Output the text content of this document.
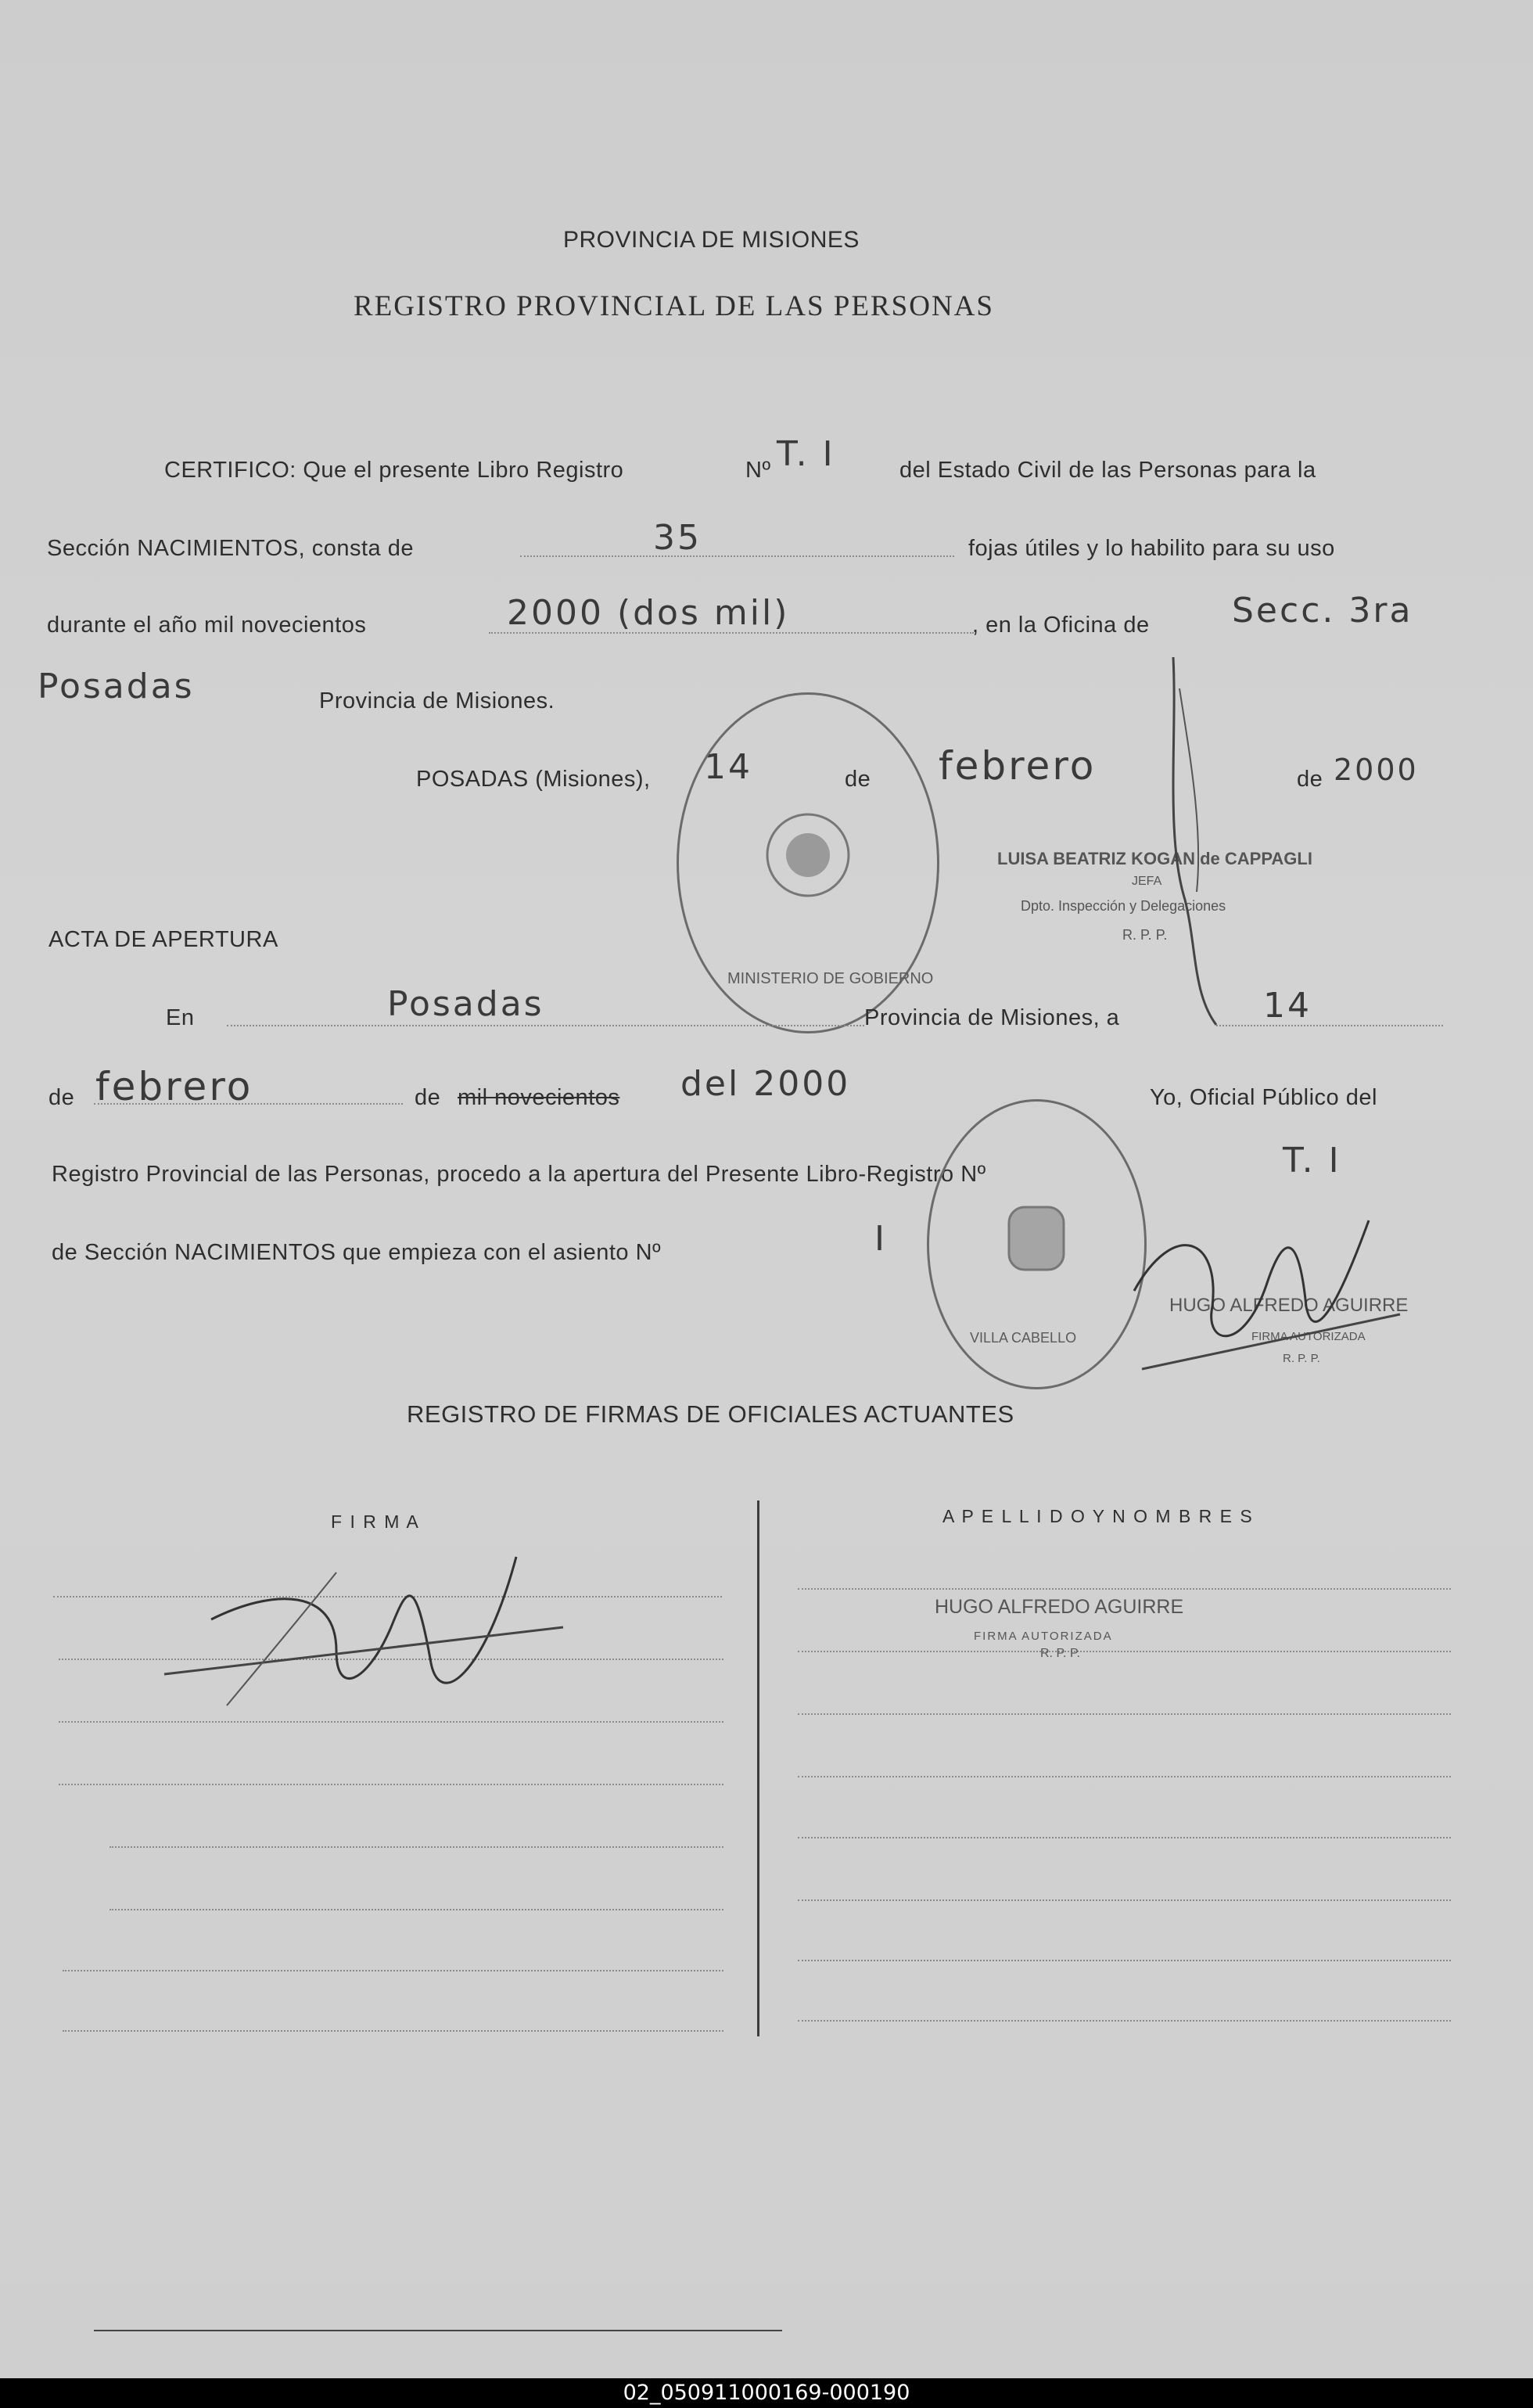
PROVINCIA DE MISIONES
REGISTRO PROVINCIAL DE LAS PERSONAS
CERTIFICO: Que el presente Libro Registro	Nº T. I	del Estado Civil de las Personas para la
Sección NACIMIENTOS, consta de	35	fojas útiles y lo habilito para su uso
durante el año mil novecientos	2000 (dos mil)	, en la Oficina de Secc. 3ra
Posadas	Provincia de Misiones.
POSADAS (Misiones), 14	de febrero	de 2000
LUISA BEATRIZ KOGAN de CAPPAGLI
JEFA
Dpto. Inspección y Delegaciones
R. P. P.
MINISTERIO DE GOBIERNO
ACTA DE APERTURA
En	Posadas	Provincia de Misiones, a	14
de febrero	de mil novecientos del 2000	Yo, Oficial Público del
Registro Provincial de las Personas, procedo a la apertura del Presente Libro-Registro Nº	T. I
de Sección NACIMIENTOS que empieza con el asiento Nº	I
VILLA CABELLO
HUGO ALFREDO AGUIRRE
FIRMA AUTORIZADA
R. P. P.
REGISTRO DE FIRMAS DE OFICIALES ACTUANTES
F I R M A	A P E L L I D O Y N O M B R E S
HUGO ALFREDO AGUIRRE
FIRMA AUTORIZADA
R. P. P.
02_050911000169-000190
